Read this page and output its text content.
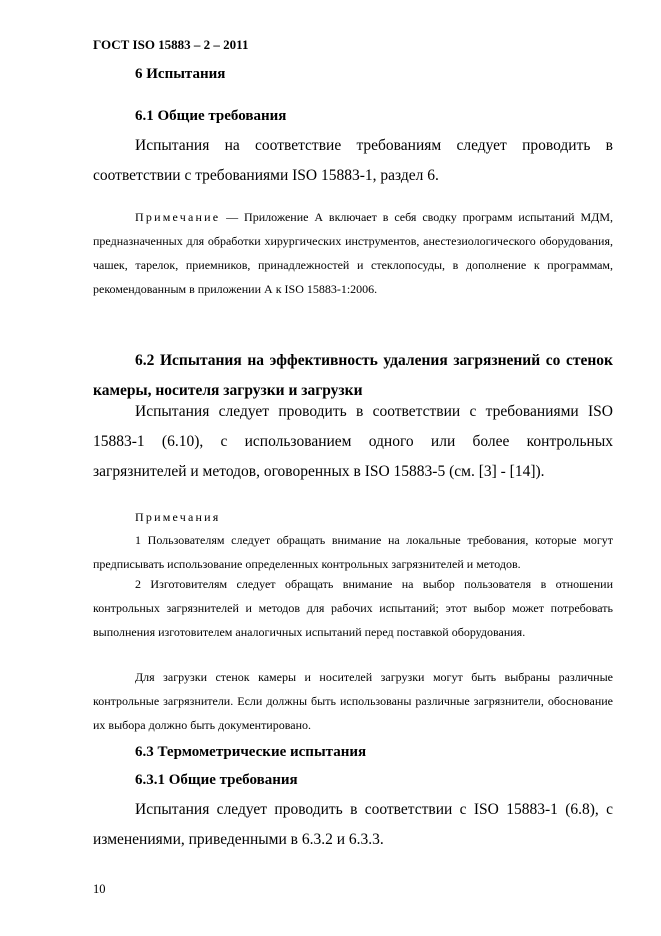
ГОСТ ISO 15883 – 2 – 2011
6 Испытания
6.1 Общие требования
Испытания на соответствие требованиям следует проводить в соответствии с требованиями ISO 15883-1, раздел 6.
Примечание — Приложение А включает в себя сводку программ испытаний МДМ, предназначенных для обработки хирургических инструментов, анестезиологического оборудования, чашек, тарелок, приемников, принадлежностей и стеклопосуды, в дополнение к программам, рекомендованным в приложении А к ISO 15883-1:2006.
6.2 Испытания на эффективность удаления загрязнений со стенок камеры, носителя загрузки и загрузки
Испытания следует проводить в соответствии с требованиями ISO 15883-1 (6.10), с использованием одного или более контрольных загрязнителей и методов, оговоренных в ISO 15883-5 (см. [3] - [14]).
Примечания
1 Пользователям следует обращать внимание на локальные требования, которые могут предписывать использование определенных контрольных загрязнителей и методов.
2 Изготовителям следует обращать внимание на выбор пользователя в отношении контрольных загрязнителей и методов для рабочих испытаний; этот выбор может потребовать выполнения изготовителем аналогичных испытаний перед поставкой оборудования.
Для загрузки стенок камеры и носителей загрузки могут быть выбраны различные контрольные загрязнители. Если должны быть использованы различные загрязнители, обоснование их выбора должно быть документировано.
6.3 Термометрические испытания
6.3.1 Общие требования
Испытания следует проводить в соответствии с ISO 15883-1 (6.8), с изменениями, приведенными в 6.3.2 и 6.3.3.
10
